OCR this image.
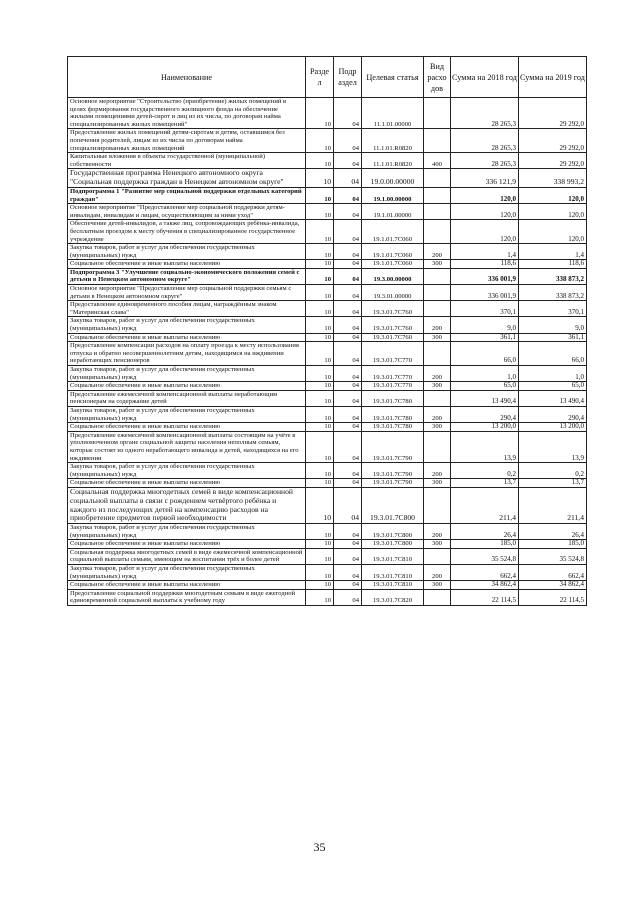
Наименование	Разде л	Подр аздел	Целевая статья	Вид расхо дов	Сумма на 2018 год	Сумма на 2019 год
Основное мероприятие "Строительство (приобретение) жилых помещений в целях формирования государственного жилищного фонда на обеспечение жилыми помещениями детей-сирот и лиц из их числа, по договорам найма специализированных жилых помещений"	10	04	11.1.01.00000		28 265,3	29 292,0
Предоставление жилых помещений детям-сиротам и детям, оставшимся без попечения родителей, лицам из их числа по договорам найма специализированных жилых помещений	10	04	11.1.01.R0820		28 265,3	29 292,0
Капитальные вложения в объекты государственной (муниципальной) собственности	10	04	11.1.01.R0820	400	28 265,3	29 292,0
Государственная программа Ненецкого автономного округа "Социальная поддержка граждан в Ненецком автономном округе"	10	04	19.0.00.00000		336 121,9	338 993,2
Подпрограмма 1 "Развитие мер социальной поддержки отдельных категорий граждан"	10	04	19.1.00.00000		120,0	120,0
Основное мероприятие "Предоставление мер социальной поддержки детям-инвалидам, инвалидам и лицам, осуществляющим за ними уход"	10	04	19.1.01.00000		120,0	120,0
Обеспечение детей-инвалидов, а также лиц, сопровождающих ребёнка-инвалида, бесплатным проездом к месту обучения в специализированное государственное учреждение	10	04	19.1.01.7С060		120,0	120,0
Закупка товаров, работ и услуг для обеспечения государственных (муниципальных) нужд	10	04	19.1.01.7С060	200	1,4	1,4
Социальное обеспечение и иные выплаты населению	10	04	19.1.01.7С060	300	118,6	118,6
Подпрограмма 3 "Улучшение социально-экономического положения семей с детьми в Ненецком автономном округе"	10	04	19.3.00.00000		336 001,9	338 873,2
Основное мероприятие "Предоставление мер социальной поддержки семьям с детьми в Ненецком автономном округе"	10	04	19.3.01.00000		336 001,9	338 873,2
Предоставление единовременного пособия лицам, награждённым знаком "Материнская слава"	10	04	19.3.01.7С760		370,1	370,1
Закупка товаров, работ и услуг для обеспечения государственных (муниципальных) нужд	10	04	19.3.01.7С760	200	9,0	9,0
Социальное обеспечение и иные выплаты населению	10	04	19.3.01.7С760	300	361,1	361,1
Предоставление компенсации расходов на оплату проезда к месту использования отпуска и обратно несовершеннолетним детям, находящимся на иждивении неработающих пенсионеров	10	04	19.3.01.7С770		66,0	66,0
Закупка товаров, работ и услуг для обеспечения государственных (муниципальных) нужд	10	04	19.3.01.7С770	200	1,0	1,0
Социальное обеспечение и иные выплаты населению	10	04	19.3.01.7С770	300	65,0	65,0
Предоставление ежемесячной компенсационной выплаты неработающим пенсионерам на содержание детей	10	04	19.3.01.7С780		13 490,4	13 490,4
Закупка товаров, работ и услуг для обеспечения государственных (муниципальных) нужд	10	04	19.3.01.7С780	200	290,4	290,4
Социальное обеспечение и иные выплаты населению	10	04	19.3.01.7С780	300	13 200,0	13 200,0
Предоставление ежемесячной компенсационной выплаты состоящим на учёте в уполномоченном органе социальной защиты населения неполным семьям, которые состоят из одного неработающего инвалида и детей, находящихся на его иждивении	10	04	19.3.01.7С790		13,9	13,9
Закупка товаров, работ и услуг для обеспечения государственных (муниципальных) нужд	10	04	19.3.01.7С790	200	0,2	0,2
Социальное обеспечение и иные выплаты населению	10	04	19.3.01.7С790	300	13,7	13,7
Социальная поддержка многодетных семей в виде компенсационной социальной выплаты в связи с рождением четвёртого ребёнка и каждого из последующих детей на компенсацию расходов на приобретение предметов первой необходимости	10	04	19.3.01.7С800		211,4	211,4
Закупка товаров, работ и услуг для обеспечения государственных (муниципальных) нужд	10	04	19.3.01.7С800	200	26,4	26,4
Социальное обеспечение и иные выплаты населению	10	04	19.3.01.7С800	300	185,0	185,0
Социальная поддержка многодетных семей в виде ежемесячной компенсационной социальной выплаты семьям, имеющим на воспитании трёх и более детей	10	04	19.3.01.7С810		35 524,8	35 524,8
Закупка товаров, работ и услуг для обеспечения государственных (муниципальных) нужд	10	04	19.3.01.7С810	200	662,4	662,4
Социальное обеспечение и иные выплаты населению	10	04	19.3.01.7С810	300	34 862,4	34 862,4
Предоставление социальной поддержки многодетным семьям в виде ежегодной единовременной социальной выплаты к учебному году	10	04	19.3.01.7С820		22 114,5	22 114,5
35
